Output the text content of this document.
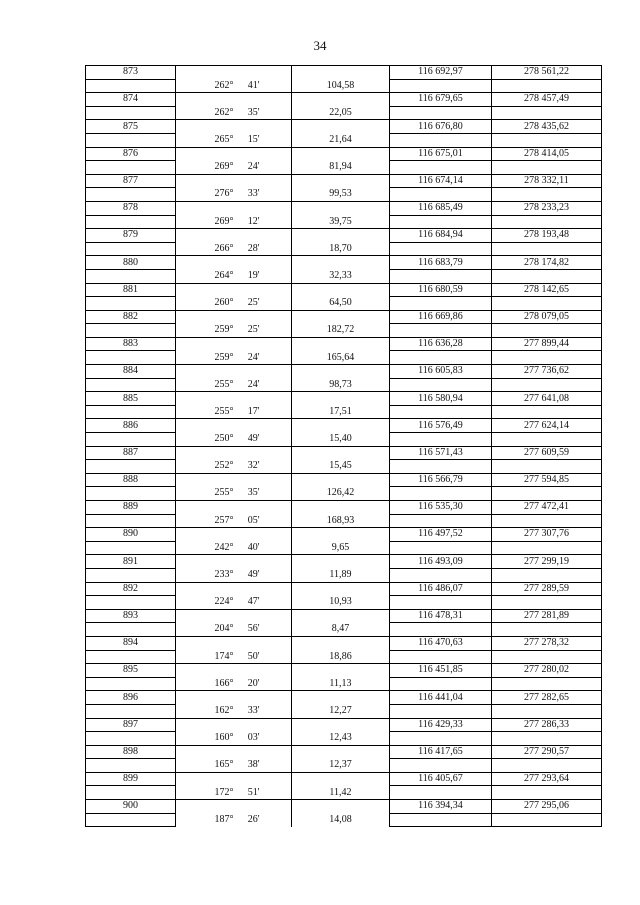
34
873			116 692,97	278 561,22
	262° 41'	104,58		
874			116 679,65	278 457,49
	262° 35'	22,05		
875			116 676,80	278 435,62
	265° 15'	21,64		
876			116 675,01	278 414,05
	269° 24'	81,94		
877			116 674,14	278 332,11
	276° 33'	99,53		
878			116 685,49	278 233,23
	269° 12'	39,75		
879			116 684,94	278 193,48
	266° 28'	18,70		
880			116 683,79	278 174,82
	264° 19'	32,33		
881			116 680,59	278 142,65
	260° 25'	64,50		
882			116 669,86	278 079,05
	259° 25'	182,72		
883			116 636,28	277 899,44
	259° 24'	165,64		
884			116 605,83	277 736,62
	255° 24'	98,73		
885			116 580,94	277 641,08
	255° 17'	17,51		
886			116 576,49	277 624,14
	250° 49'	15,40		
887			116 571,43	277 609,59
	252° 32'	15,45		
888			116 566,79	277 594,85
	255° 35'	126,42		
889			116 535,30	277 472,41
	257° 05'	168,93		
890			116 497,52	277 307,76
	242° 40'	9,65		
891			116 493,09	277 299,19
	233° 49'	11,89		
892			116 486,07	277 289,59
	224° 47'	10,93		
893			116 478,31	277 281,89
	204° 56'	8,47		
894			116 470,63	277 278,32
	174° 50'	18,86		
895			116 451,85	277 280,02
	166° 20'	11,13		
896			116 441,04	277 282,65
	162° 33'	12,27		
897			116 429,33	277 286,33
	160° 03'	12,43		
898			116 417,65	277 290,57
	165° 38'	12,37		
899			116 405,67	277 293,64
	172° 51'	11,42		
900			116 394,34	277 295,06
	187° 26'	14,08		
